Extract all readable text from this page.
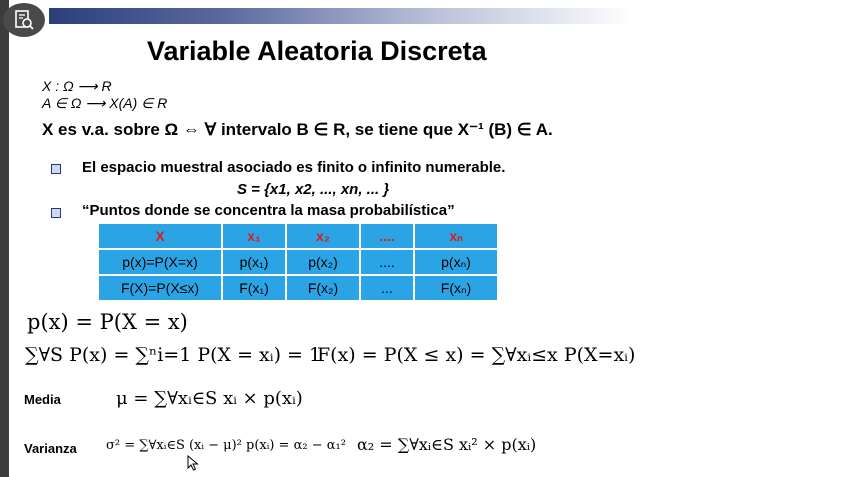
Variable Aleatoria Discreta
X : Ω ⟶ R
A ∈ Ω ⟶ X(A) ∈ R
X es v.a. sobre Ω ⇔ ∀ intervalo B ∈ R, se tiene que X⁻¹ (B) ∈ A.
El espacio muestral asociado es finito o infinito numerable.
S = {x1, x2, ..., xn, ... }
“Puntos donde se concentra la masa probabilística”
X	x₁	x₂	....	xₙ
p(x)=P(X=x)	p(x₁)	p(x₂)	....	p(xₙ)
F(X)=P(X≤x)	F(x₁)	F(x₂)	...	F(xₙ)
p(x) = P(X = x)
∑∀S P(x) = ∑ⁿi=1 P(X = xᵢ) = 1
F(x) = P(X ≤ x) = ∑∀xᵢ≤x P(X=xᵢ)
Media	μ = ∑∀xᵢ∈S xᵢ × p(xᵢ)
Varianza σ² = ∑∀xᵢ∈S (xᵢ − μ)² p(xᵢ) = α₂ − α₁² α₂ = ∑∀xᵢ∈S xᵢ² × p(xᵢ)
